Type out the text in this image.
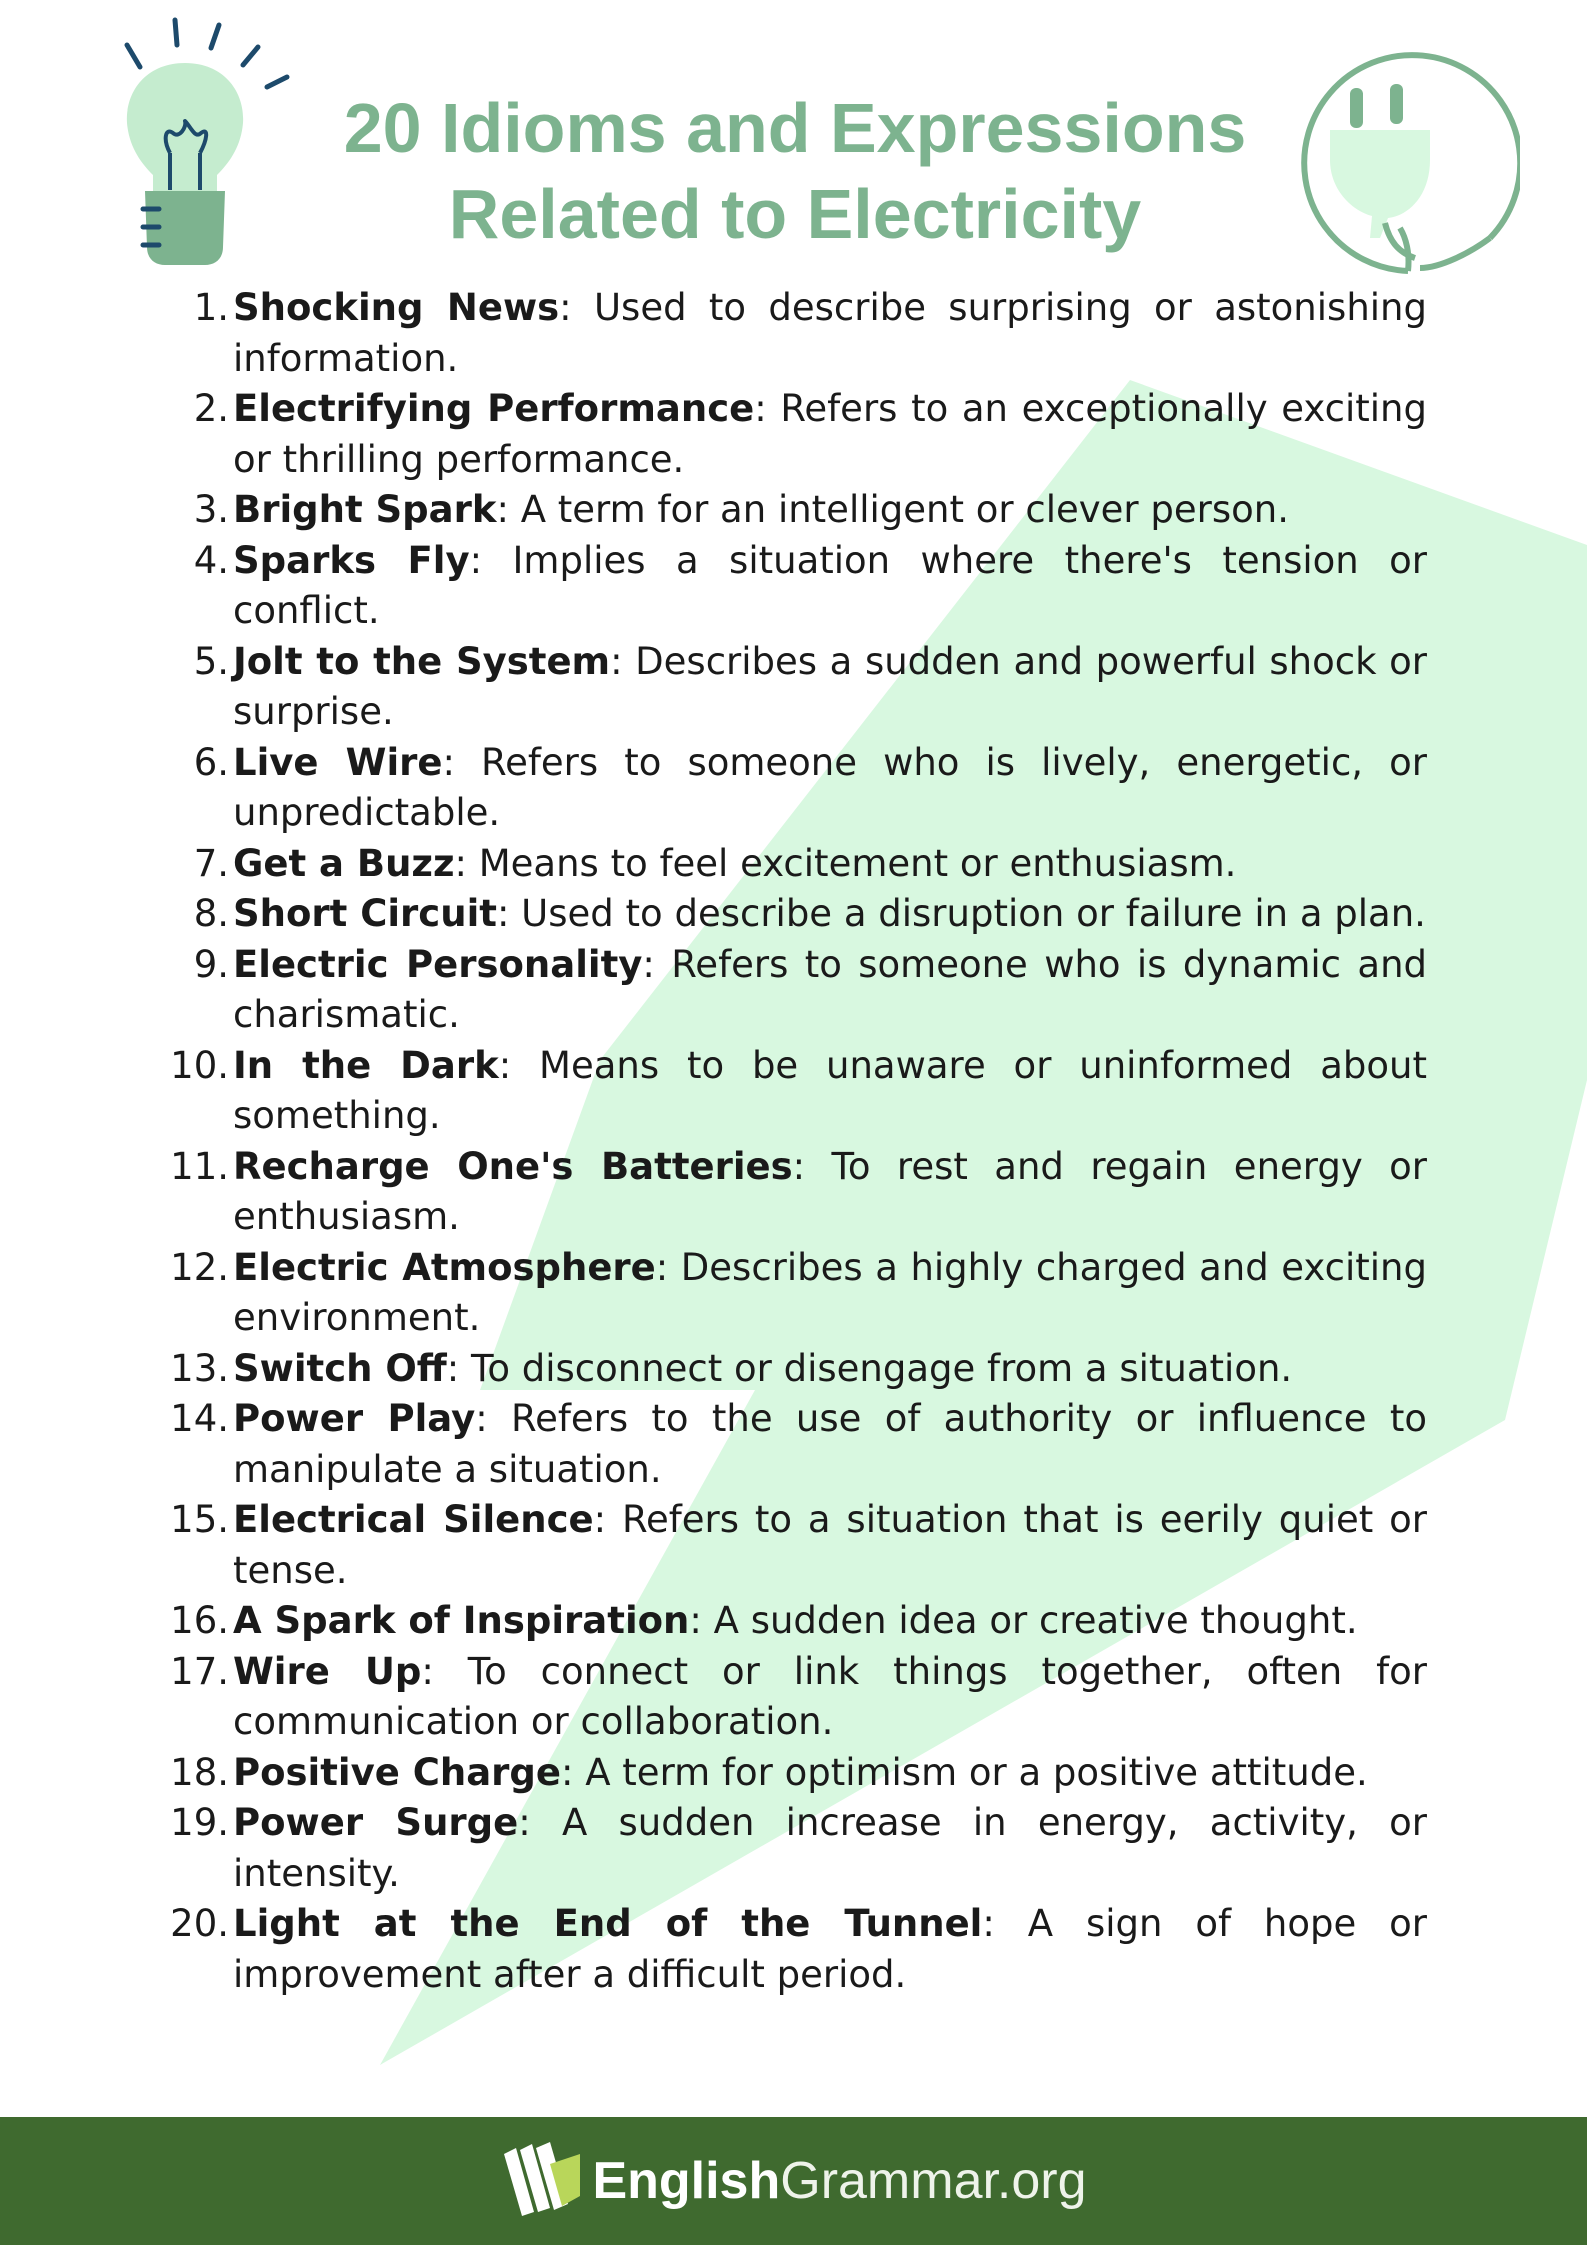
20 Idioms and Expressions
Related to Electricity
1. Shocking News: Used to describe surprising or astonishing information.
2. Electrifying Performance: Refers to an exceptionally exciting or thrilling performance.
3. Bright Spark: A term for an intelligent or clever person.
4. Sparks Fly: Implies a situation where there's tension or conflict.
5. Jolt to the System: Describes a sudden and powerful shock or surprise.
6. Live Wire: Refers to someone who is lively, energetic, or unpredictable.
7. Get a Buzz: Means to feel excitement or enthusiasm.
8. Short Circuit: Used to describe a disruption or failure in a plan.
9. Electric Personality: Refers to someone who is dynamic and charismatic.
10. In the Dark: Means to be unaware or uninformed about something.
11. Recharge One's Batteries: To rest and regain energy or enthusiasm.
12. Electric Atmosphere: Describes a highly charged and exciting environment.
13. Switch Off: To disconnect or disengage from a situation.
14. Power Play: Refers to the use of authority or influence to manipulate a situation.
15. Electrical Silence: Refers to a situation that is eerily quiet or tense.
16. A Spark of Inspiration: A sudden idea or creative thought.
17. Wire Up: To connect or link things together, often for communication or collaboration.
18. Positive Charge: A term for optimism or a positive attitude.
19. Power Surge: A sudden increase in energy, activity, or intensity.
20. Light at the End of the Tunnel: A sign of hope or improvement after a difficult period.
EnglishGrammar.org
